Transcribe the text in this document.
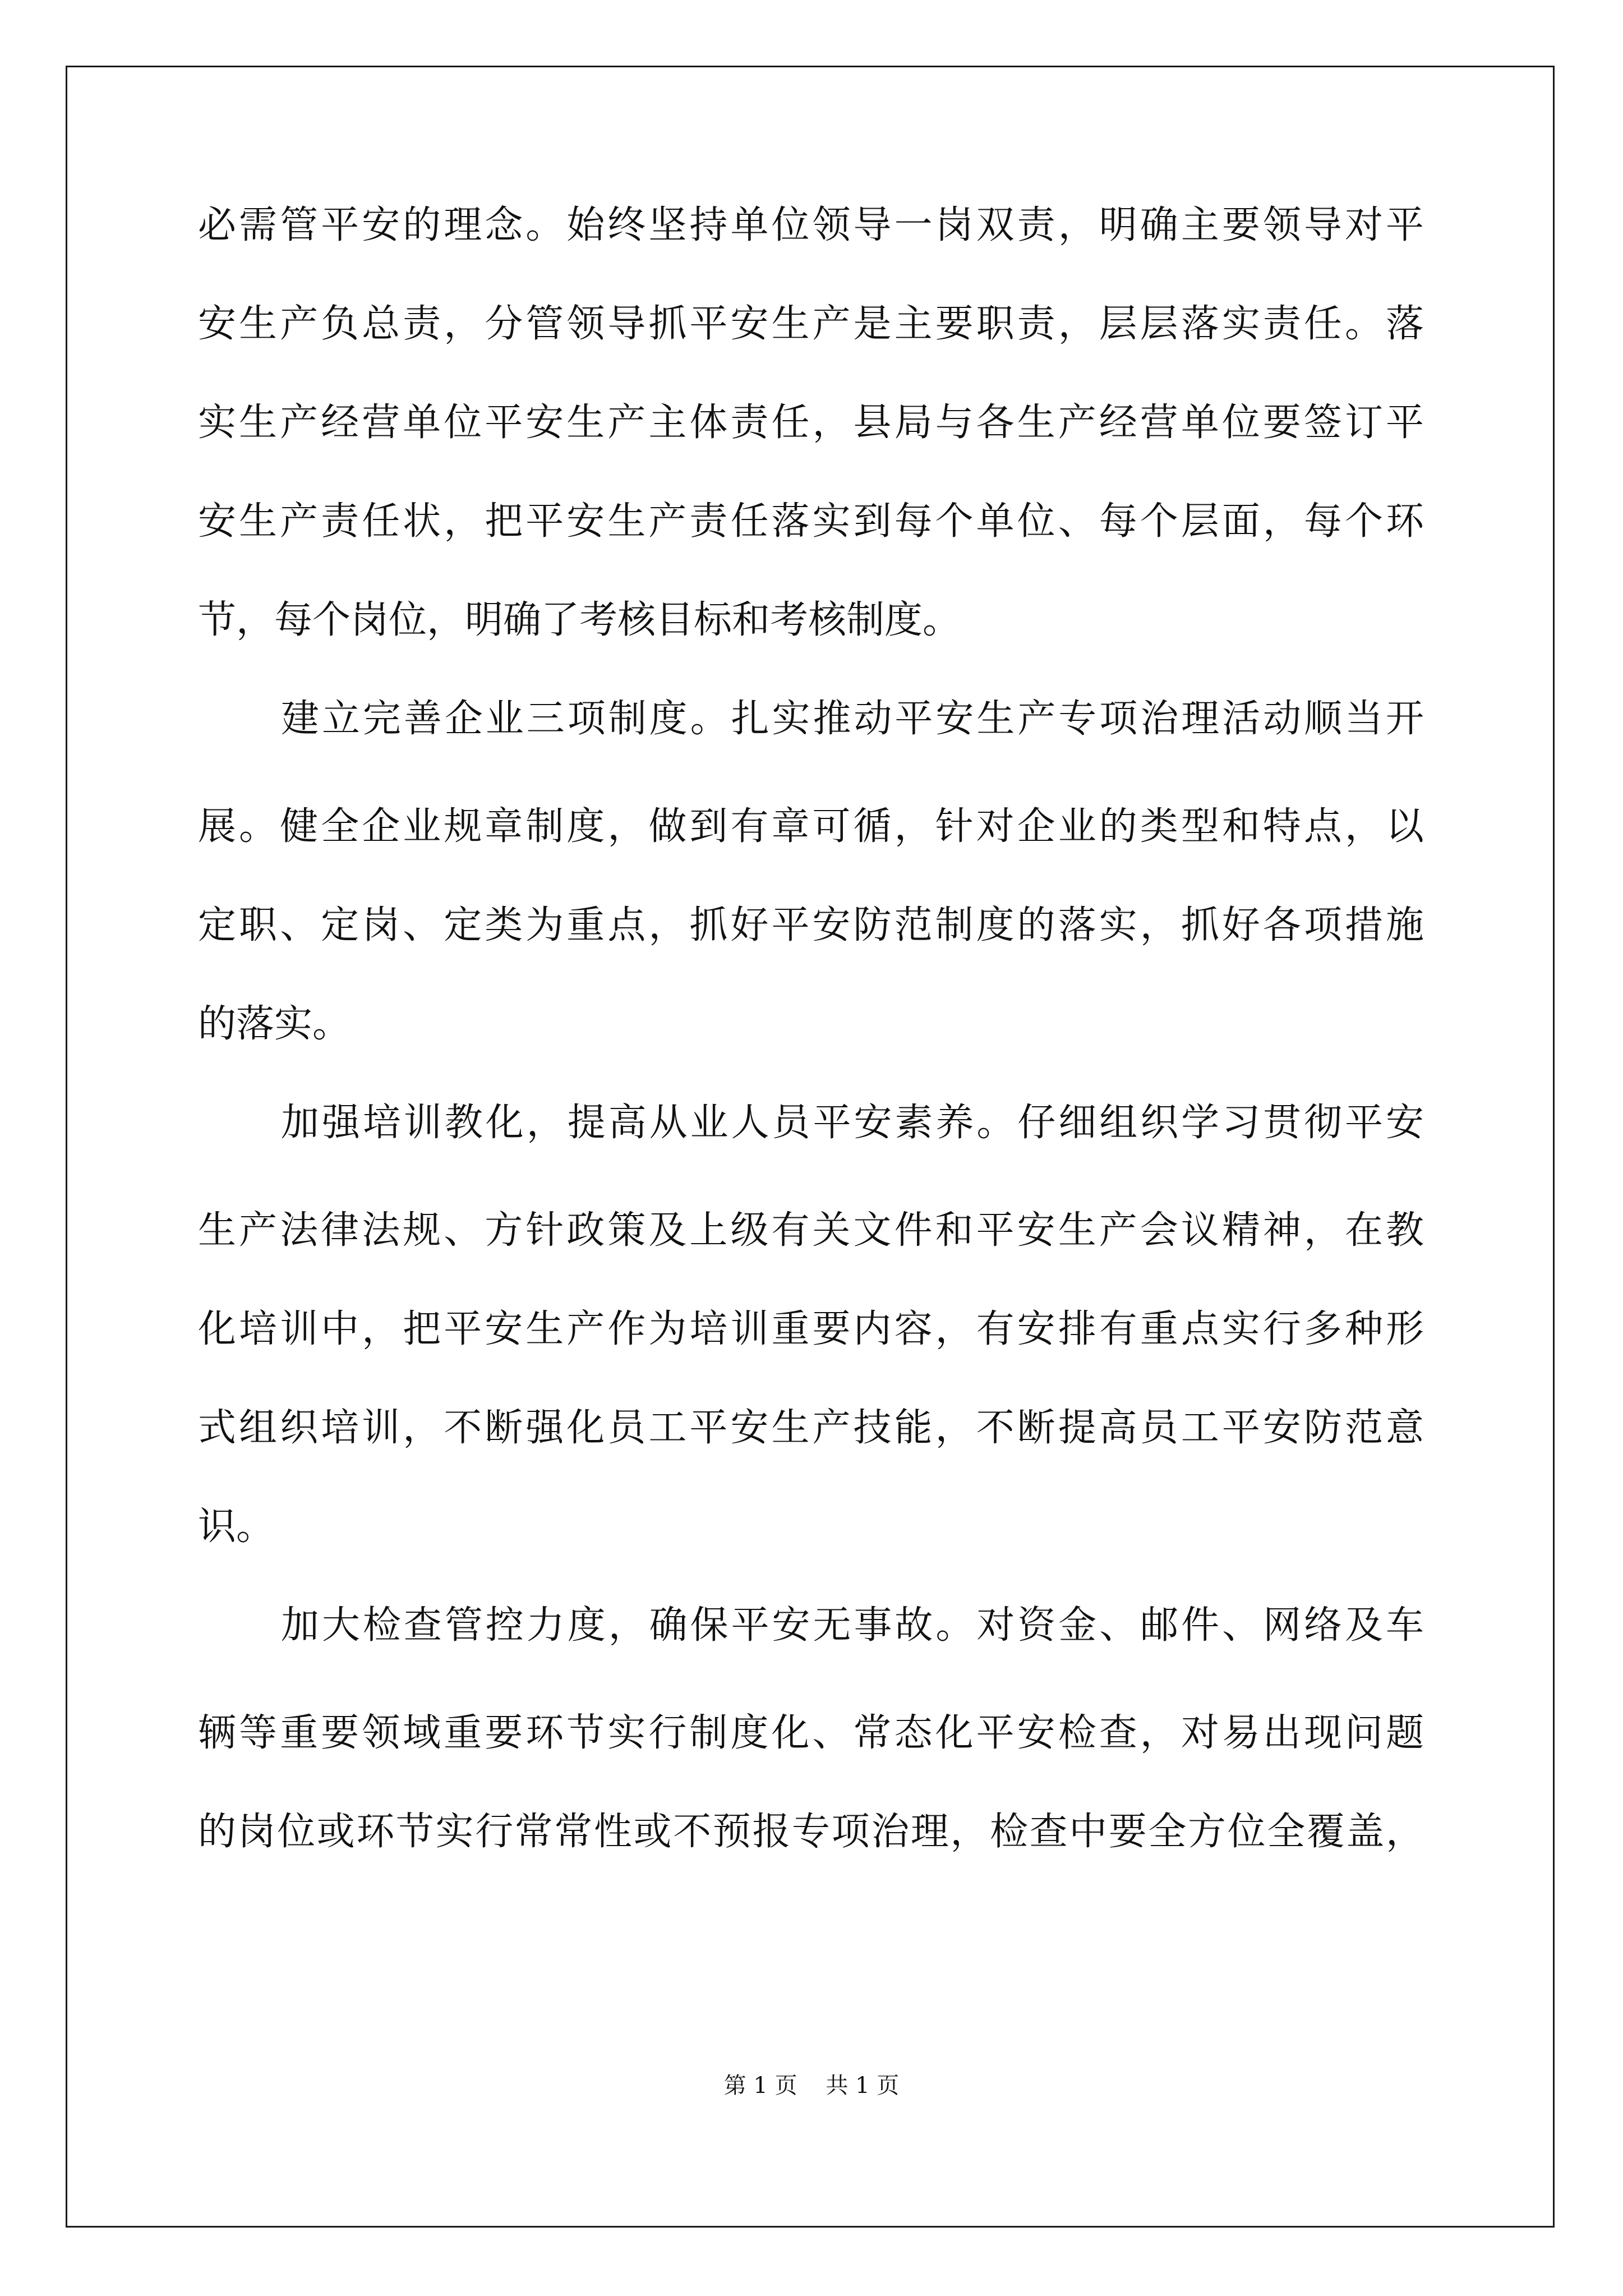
必需管平安的理念。始终坚持单位领导一岗双责，明确主要领导对平
安生产负总责，分管领导抓平安生产是主要职责，层层落实责任。落
实生产经营单位平安生产主体责任，县局与各生产经营单位要签订平
安生产责任状，把平安生产责任落实到每个单位、每个层面，每个环
节，每个岗位，明确了考核目标和考核制度。
建立完善企业三项制度。扎实推动平安生产专项治理活动顺当开
展。健全企业规章制度，做到有章可循，针对企业的类型和特点，以
定职、定岗、定类为重点，抓好平安防范制度的落实，抓好各项措施
的落实。
加强培训教化，提高从业人员平安素养。仔细组织学习贯彻平安
生产法律法规、方针政策及上级有关文件和平安生产会议精神，在教
化培训中，把平安生产作为培训重要内容，有安排有重点实行多种形
式组织培训，不断强化员工平安生产技能，不断提高员工平安防范意
识。
加大检查管控力度，确保平安无事故。对资金、邮件、网络及车
辆等重要领域重要环节实行制度化、常态化平安检查，对易出现问题
的岗位或环节实行常常性或不预报专项治理，检查中要全方位全覆盖，
第 1 页    共 1 页
